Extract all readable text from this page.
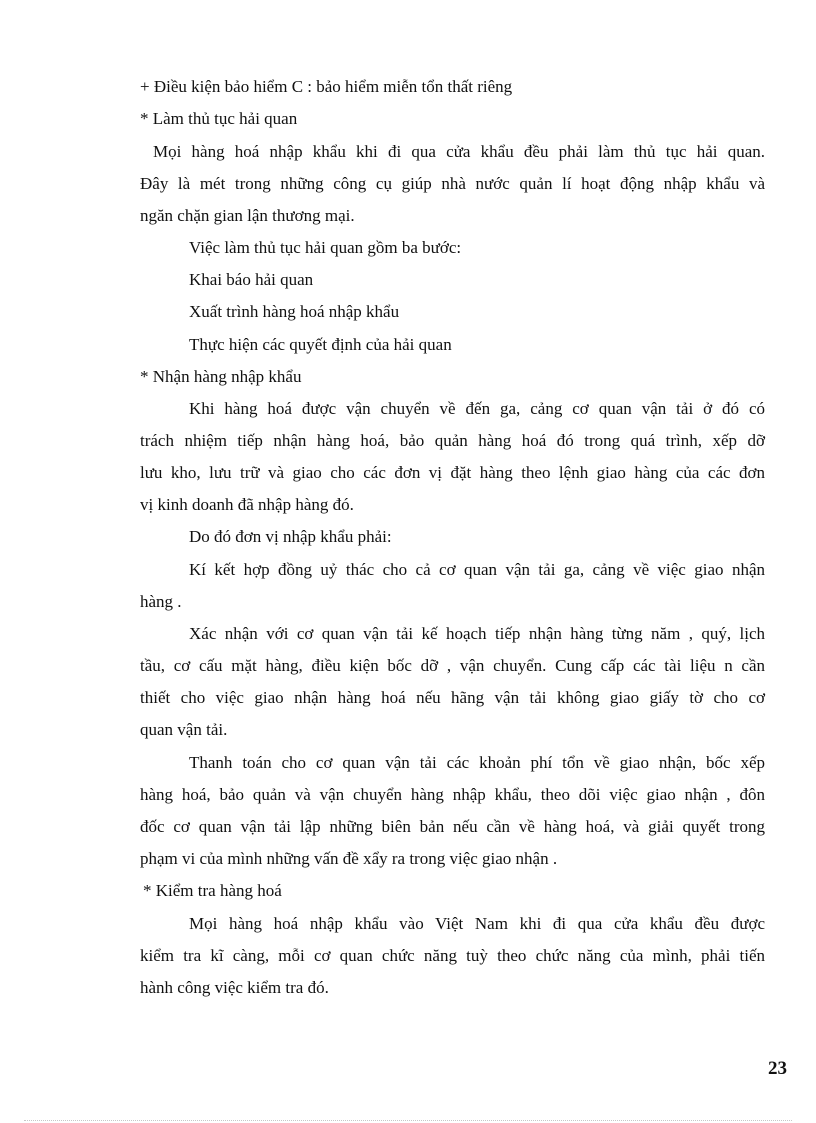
+ Điều kiện bảo hiểm C : bảo hiểm miễn tổn thất riêng
* Làm thủ tục hải quan
Mọi hàng hoá nhập khẩu khi đi qua cửa khẩu đều phải làm thủ tục hải quan.
Đây là mét trong những công cụ giúp nhà nước quản lí hoạt động nhập khẩu và
ngăn chặn gian lận thương mại.
Việc làm thủ tục hải quan gồm ba bước:
Khai báo hải quan
Xuất trình hàng hoá nhập khẩu
Thực hiện các quyết định của hải quan
* Nhận hàng nhập khẩu
Khi hàng hoá được vận chuyển về đến ga, cảng cơ quan vận tải ở đó có
trách nhiệm tiếp nhận hàng hoá, bảo quản hàng hoá đó trong quá trình, xếp dỡ
lưu kho, lưu trữ và giao cho các đơn vị đặt hàng theo lệnh giao hàng của các đơn
vị kinh doanh đã nhập hàng đó.
Do đó đơn vị nhập khẩu phải:
Kí kết hợp đồng uỷ thác cho cả cơ quan vận tải ga, cảng về việc giao nhận
hàng .
Xác nhận với cơ quan vận tải kế hoạch tiếp nhận hàng từng năm , quý, lịch
tầu, cơ cấu mặt hàng, điều kiện bốc dỡ , vận chuyển. Cung cấp các tài liệu n cần
thiết cho việc giao nhận hàng hoá nếu hãng vận tải không giao giấy tờ cho cơ
quan vận tải.
Thanh toán cho cơ quan vận tải các khoản phí tổn về giao nhận, bốc xếp
hàng hoá, bảo quản và vận chuyển hàng nhập khẩu, theo dõi việc giao nhận , đôn
đốc cơ quan vận tải lập những biên bản nếu cần về hàng hoá, và giải quyết trong
phạm vi của mình những vấn đề xẩy ra trong việc giao nhận .
* Kiểm tra hàng hoá
Mọi hàng hoá nhập khẩu vào Việt Nam khi đi qua cửa khẩu đều được
kiểm tra kĩ càng, mỗi cơ quan chức năng tuỳ theo chức năng của mình, phải tiến
hành công việc kiểm tra đó.
23
